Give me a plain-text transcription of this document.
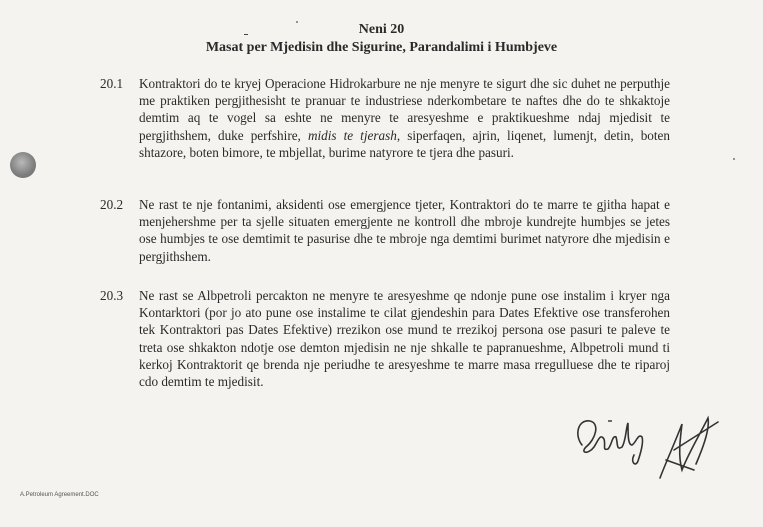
Neni 20
Masat per Mjedisin dhe Sigurine, Parandalimi i Humbjeve
20.1	Kontraktori do te kryej Operacione Hidrokarbure ne nje menyre te sigurt dhe sic duhet ne perputhje me praktiken pergjithesisht te pranuar te industriese nderkombetare te naftes dhe do te shkaktoje demtim aq te vogel sa eshte ne menyre te aresyeshme e praktikueshme ndaj mjedisit te pergjithshem, duke perfshire, midis te tjerash, siperfaqen, ajrin, liqenet, lumenjt, detin, boten shtazore, boten bimore, te mbjellat, burime natyrore te tjera dhe pasuri.
20.2	Ne rast te nje fontanimi, aksidenti ose emergjence tjeter, Kontraktori do te marre te gjitha hapat e menjehershme per ta sjelle situaten emergjente ne kontroll dhe mbroje kundrejte humbjes se jetes ose humbjes te ose demtimit te pasurise dhe te mbroje nga demtimi burimet natyrore dhe mjedisin e pergjithshem.
20.3	Ne rast se Albpetroli percakton ne menyre te aresyeshme qe ndonje pune ose instalim i kryer nga Kontarktori (por jo ato pune ose instalime te cilat gjendeshin para Dates Efektive ose transferohen tek Kontraktori pas Dates Efektive) rrezikon ose mund te rrezikoj persona ose pasuri te paleve te treta ose shkakton ndotje ose demton mjedisin ne nje shkalle te papranueshme, Albpetroli mund ti kerkoj Kontraktorit qe brenda nje periudhe te aresyeshme te marre masa rregulluese dhe te riparoj cdo demtim te mjedisit.
A.Petroleum Agreement.DOC
